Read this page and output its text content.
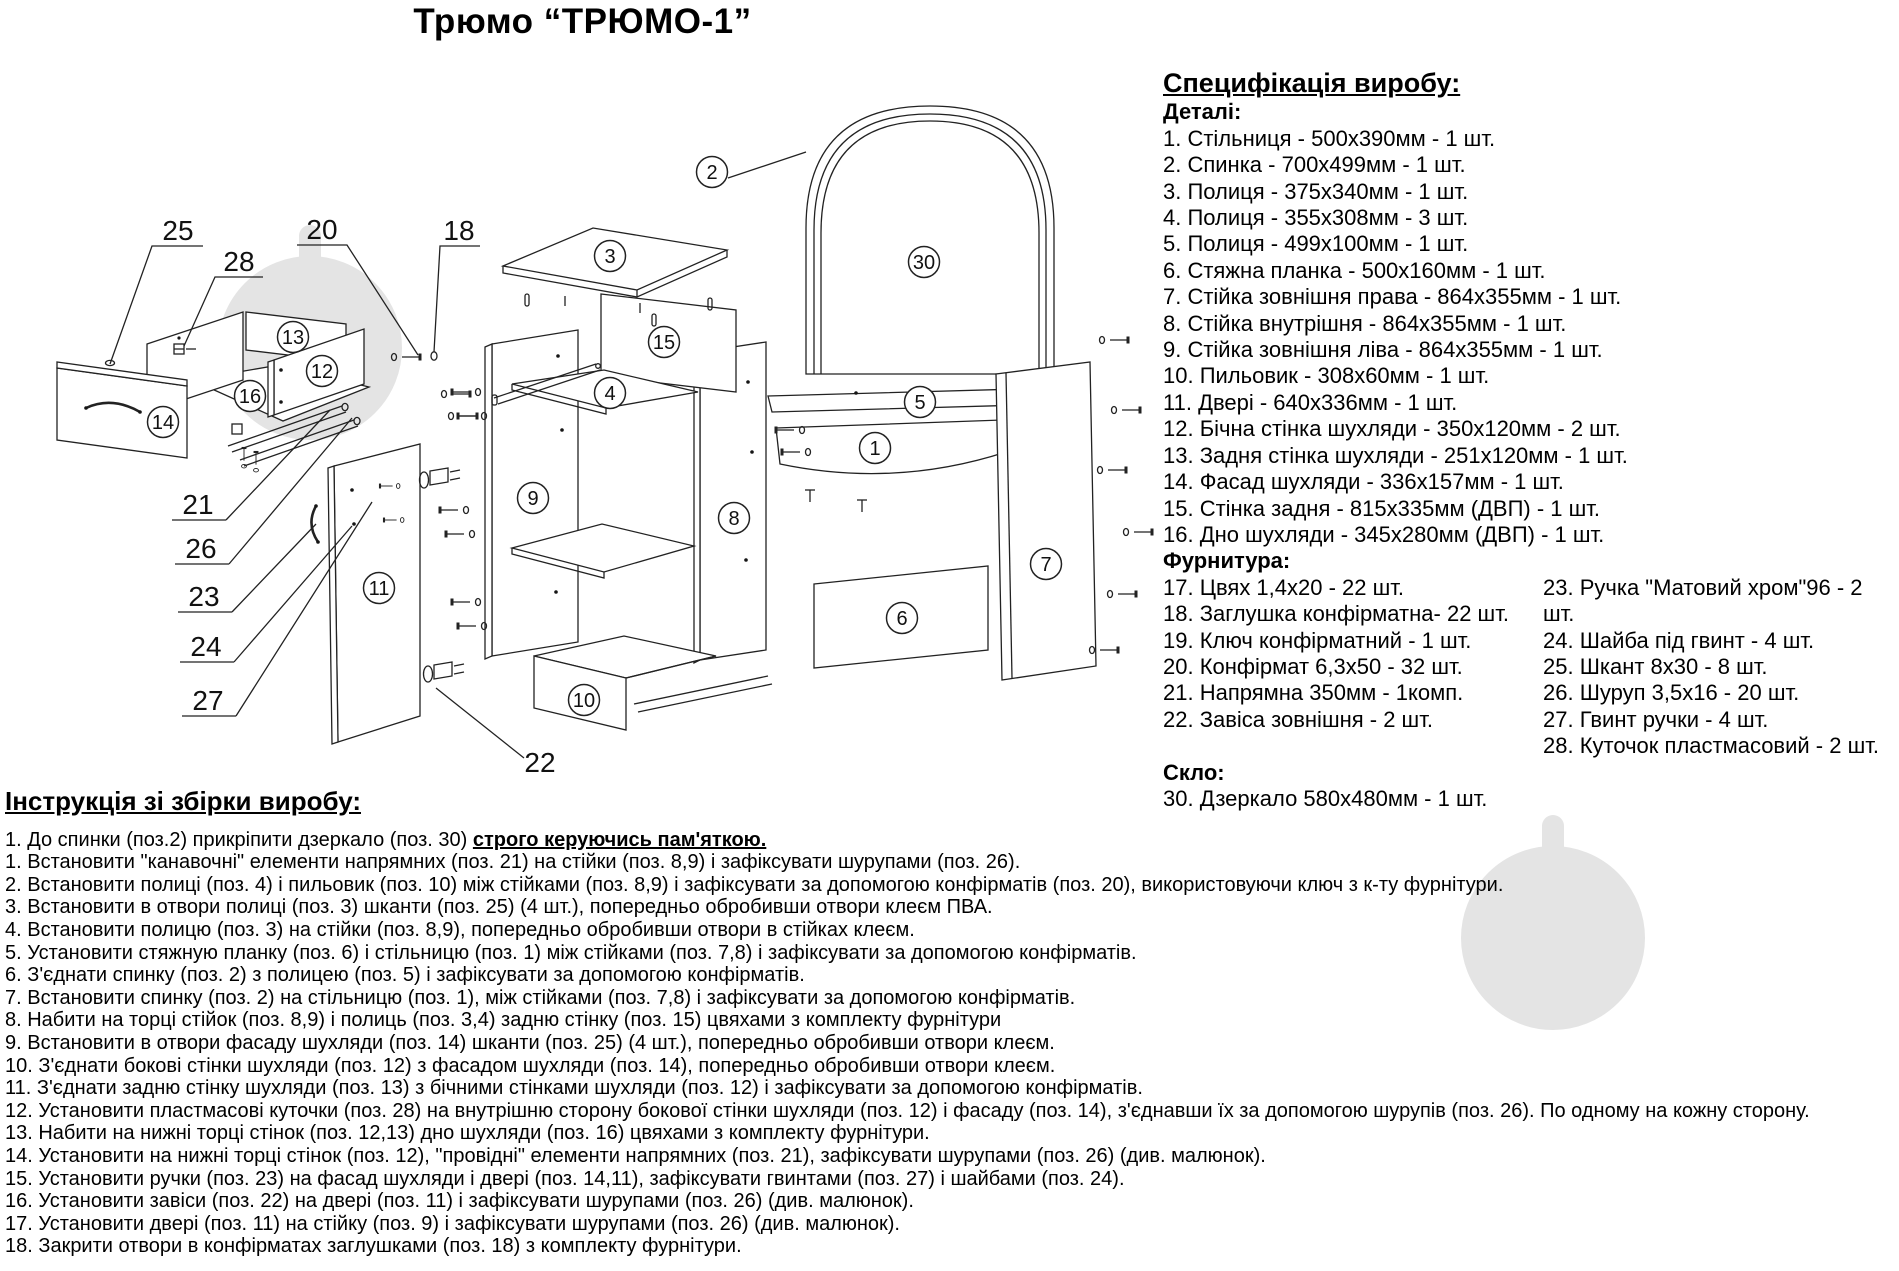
25
28
20	18
21
26
23
24
27
22
2
3
15
4
9
8
10
11
13
12
16
14
30
5
1
6
7
Трюмо “ТРЮМО-1”
Специфікація виробу:
Деталі:
1. Стільниця - 500х390мм - 1 шт.
2. Спинка - 700х499мм - 1 шт.
3. Полиця - 375х340мм - 1 шт.
4. Полиця - 355х308мм - 3 шт.
5. Полиця - 499х100мм - 1 шт.
6. Стяжна планка - 500х160мм - 1 шт.
7. Стійка зовнішня права - 864х355мм - 1 шт.
8. Стійка внутрішня - 864х355мм - 1 шт.
9. Стійка зовнішня ліва - 864х355мм - 1 шт.
10. Пильовик - 308х60мм - 1 шт.
11. Двері - 640х336мм - 1 шт.
12. Бічна стінка шухляди - 350х120мм - 2 шт.
13. Задня стінка шухляди - 251х120мм - 1 шт.
14. Фасад шухляди - 336х157мм - 1 шт.
15. Стінка задня - 815х335мм (ДВП) - 1 шт.
16. Дно шухляди - 345х280мм (ДВП) - 1 шт.
Фурнитура:
17. Цвях 1,4х20 - 22 шт.
18. Заглушка конфірматна- 22 шт.
19. Ключ конфірматний - 1 шт.
20. Конфірмат 6,3х50 - 32 шт.
21. Напрямна 350мм - 1комп.
22. Завіса зовнішня - 2 шт.
23. Ручка "Матовий хром"96 - 2 шт.
24. Шайба під гвинт - 4 шт.
25. Шкант 8х30 - 8 шт.
26. Шуруп 3,5х16 - 20 шт.
27. Гвинт ручки - 4 шт.
28. Куточок пластмасовий - 2 шт.
Скло:
30. Дзеркало 580х480мм - 1 шт.
Інструкція зі збірки виробу:
1. До спинки (поз.2) прикріпити дзеркало (поз. 30) строго керуючись пам'яткою.
1. Встановити "канавочні" елементи напрямних (поз. 21) на стійки (поз. 8,9) і зафіксувати шурупами (поз. 26).
2. Встановити полиці (поз. 4) і пильовик (поз. 10) між стійками (поз. 8,9) і зафіксувати за допомогою конфірматів (поз. 20), використовуючи ключ з к-ту фурнітури.
3. Встановити в отвори полиці (поз. 3) шканти (поз. 25) (4 шт.), попередньо обробивши отвори клеєм ПВА.
4. Встановити полицю (поз. 3) на стійки (поз. 8,9), попередньо обробивши отвори в стійках клеєм.
5. Установити стяжную планку (поз. 6) і стільницю (поз. 1) між стійками (поз. 7,8) і зафіксувати за допомогою конфірматів.
6. З'єднати спинку (поз. 2) з полицею (поз. 5) і зафіксувати за допомогою конфірматів.
7. Встановити спинку (поз. 2) на стільницю (поз. 1), між стійками (поз. 7,8) і зафіксувати за допомогою конфірматів.
8. Набити на торці стійок (поз. 8,9) і полиць (поз. 3,4) задню стінку (поз. 15) цвяхами з комплекту фурнітури
9. Встановити в отвори фасаду шухляди (поз. 14) шканти (поз. 25) (4 шт.), попередньо обробивши отвори клеєм.
10. З'єднати бокові стінки шухляди (поз. 12) з фасадом шухляди (поз. 14), попередньо обробивши отвори клеєм.
11. З'єднати задню стінку шухляди (поз. 13) з бічними стінками шухляди (поз. 12) і зафіксувати за допомогою конфірматів.
12. Установити пластмасові куточки (поз. 28) на внутрішню сторону бокової стінки шухляди (поз. 12) і фасаду (поз. 14), з'єднавши їх за допомогою шурупів (поз. 26). По одному на кожну сторону.
13. Набити на нижні торці стінок (поз. 12,13) дно шухляди (поз. 16) цвяхами з комплекту фурнітури.
14. Установити на нижні торці стінок (поз. 12), "провідні" елементи напрямних (поз. 21), зафіксувати шурупами (поз. 26) (див. малюнок).
15. Установити ручки (поз. 23) на фасад шухляди і двері (поз. 14,11), зафіксувати гвинтами (поз. 27) і шайбами (поз. 24).
16. Установити завіси (поз. 22) на двері (поз. 11) і зафіксувати шурупами (поз. 26) (див. малюнок).
17. Установити двері (поз. 11) на стійку (поз. 9) і зафіксувати шурупами (поз. 26) (див. малюнок).
18. Закрити отвори в конфірматах заглушками (поз. 18) з комплекту фурнітури.
